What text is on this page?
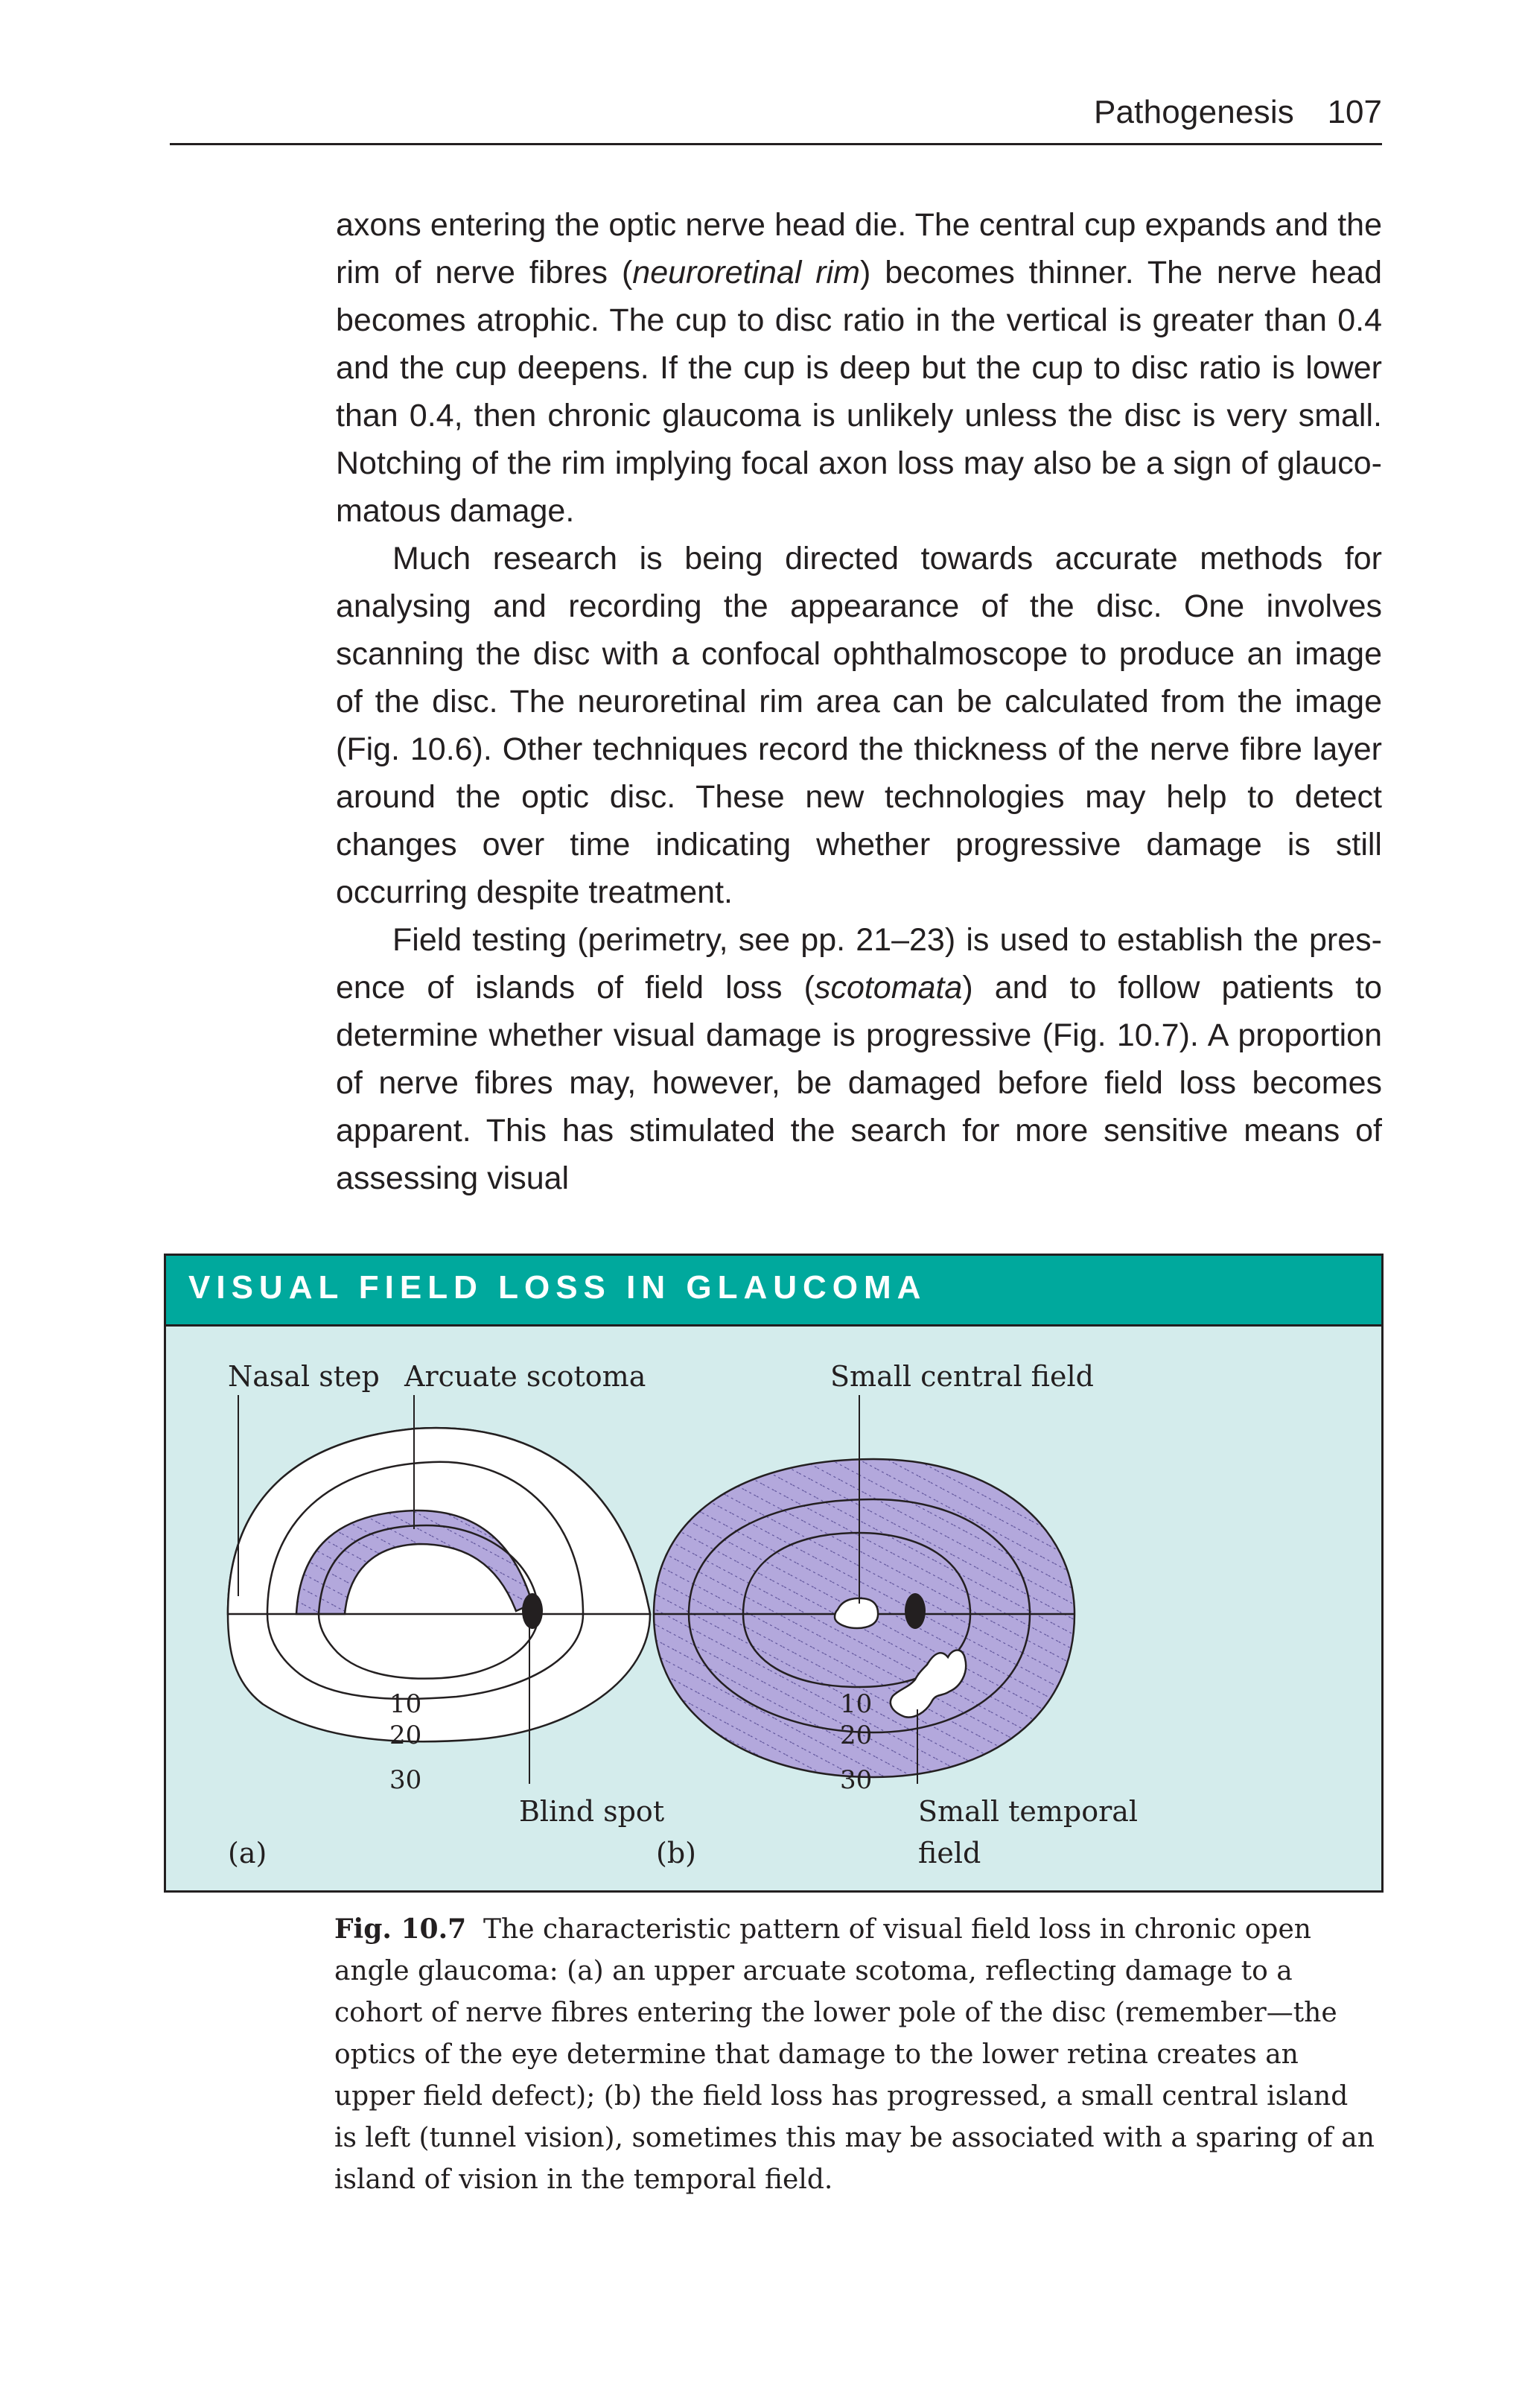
Pathogenesis 107

axons entering the optic nerve head die. The central cup expands and the rim of nerve fibres (neuroretinal rim) becomes thinner. The nerve head becomes atrophic. The cup to disc ratio in the vertical is greater than 0.4 and the cup deepens. If the cup is deep but the cup to disc ratio is lower than 0.4, then chronic glaucoma is unlikely unless the disc is very small. Notching of the rim implying focal axon loss may also be a sign of glauco-matous damage.

Much research is being directed towards accurate methods for analysing and recording the appearance of the disc. One involves scanning the disc with a confocal ophthalmoscope to produce an image of the disc. The neuroretinal rim area can be calculated from the image (Fig. 10.6). Other techniques record the thickness of the nerve fibre layer around the optic disc. These new technologies may help to detect changes over time indicating whether progressive damage is still occurring despite treatment.

Field testing (perimetry, see pp. 21–23) is used to establish the pres-ence of islands of field loss (scotomata) and to follow patients to determine whether visual damage is progressive (Fig. 10.7). A proportion of nerve fibres may, however, be damaged before field loss becomes apparent. This has stimulated the search for more sensitive means of assessing visual

VISUAL FIELD LOSS IN GLAUCOMA
10
20
30
Nasal step Arcuate scotoma
Blind spot
(a)
10
20
30
Small central field
Small temporal
field
(b)
Fig. 10.7 The characteristic pattern of visual field loss in chronic open angle glaucoma: (a) an upper arcuate scotoma, reflecting damage to a cohort of nerve fibres entering the lower pole of the disc (remember—the optics of the eye determine that damage to the lower retina creates an upper field defect); (b) the field loss has progressed, a small central island is left (tunnel vision), sometimes this may be associated with a sparing of an island of vision in the temporal field.
